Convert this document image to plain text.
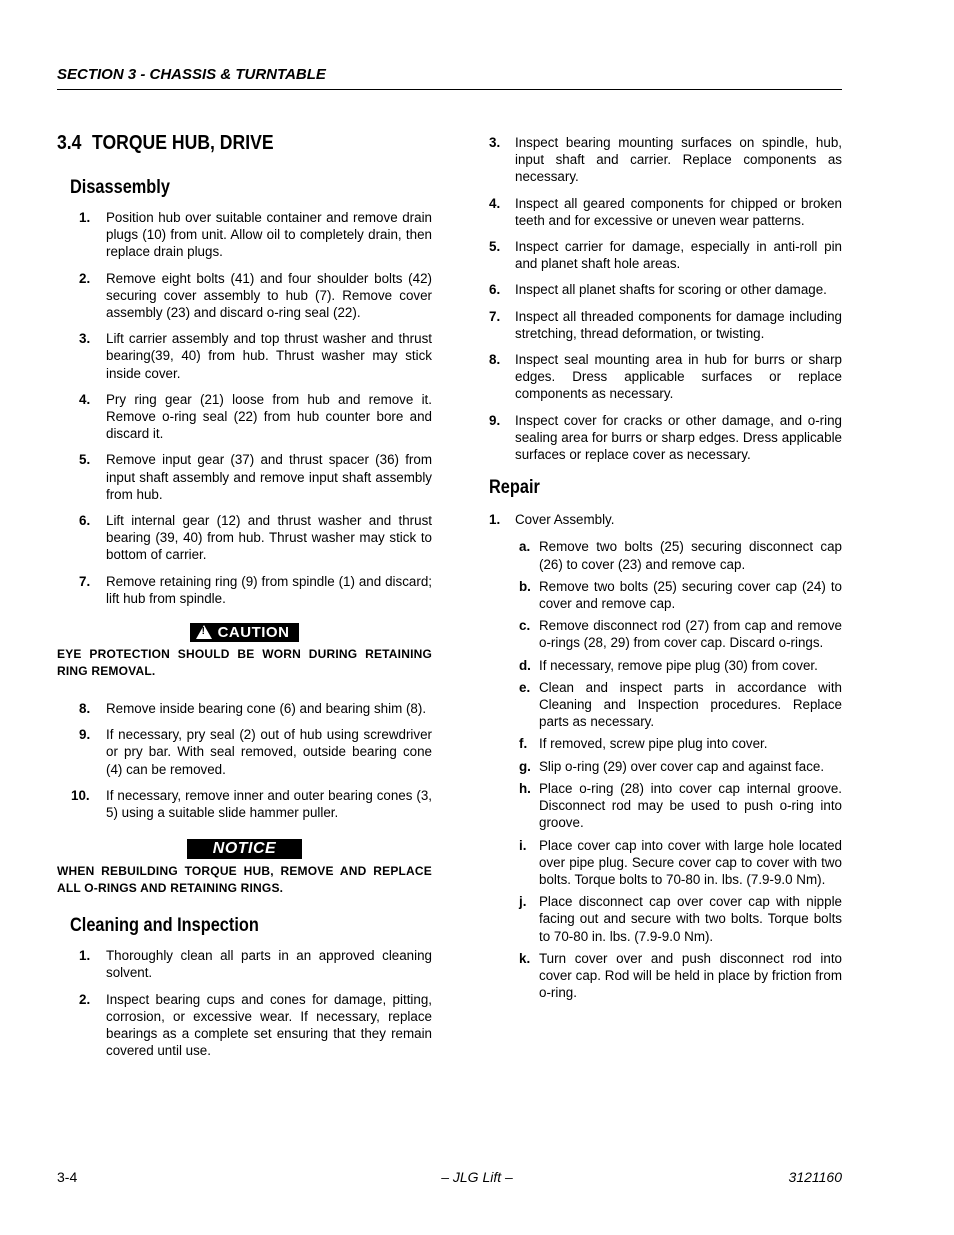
SECTION 3 - CHASSIS & TURNTABLE
3.4 TORQUE HUB, DRIVE
Disassembly
1. Position hub over suitable container and remove drain plugs (10) from unit. Allow oil to completely drain, then replace drain plugs.
2. Remove eight bolts (41) and four shoulder bolts (42) securing cover assembly to hub (7). Remove cover assembly (23) and discard o-ring seal (22).
3. Lift carrier assembly and top thrust washer and thrust bearing(39, 40) from hub. Thrust washer may stick inside cover.
4. Pry ring gear (21) loose from hub and remove it. Remove o-ring seal (22) from hub counter bore and discard it.
5. Remove input gear (37) and thrust spacer (36) from input shaft assembly and remove input shaft assembly from hub.
6. Lift internal gear (12) and thrust washer and thrust bearing (39, 40) from hub. Thrust washer may stick to bottom of carrier.
7. Remove retaining ring (9) from spindle (1) and discard; lift hub from spindle.
!CAUTION

EYE PROTECTION SHOULD BE WORN DURING RETAINING RING REMOVAL.

8. Remove inside bearing cone (6) and bearing shim (8).
9. If necessary, pry seal (2) out of hub using screwdriver or pry bar. With seal removed, outside bearing cone (4) can be removed.
10. If necessary, remove inner and outer bearing cones (3, 5) using a suitable slide hammer puller.
NOTICE

WHEN REBUILDING TORQUE HUB, REMOVE AND REPLACE ALL O-RINGS AND RETAINING RINGS.

Cleaning and Inspection
1. Thoroughly clean all parts in an approved cleaning solvent.
2. Inspect bearing cups and cones for damage, pitting, corrosion, or excessive wear. If necessary, replace bearings as a complete set ensuring that they remain covered until use.
3. Inspect bearing mounting surfaces on spindle, hub, input shaft and carrier. Replace components as necessary.
4. Inspect all geared components for chipped or broken teeth and for excessive or uneven wear patterns.
5. Inspect carrier for damage, especially in anti-roll pin and planet shaft hole areas.
6. Inspect all planet shafts for scoring or other damage.
7. Inspect all threaded components for damage including stretching, thread deformation, or twisting.
8. Inspect seal mounting area in hub for burrs or sharp edges. Dress applicable surfaces or replace components as necessary.
9. Inspect cover for cracks or other damage, and o-ring sealing area for burrs or sharp edges. Dress applicable surfaces or replace cover as necessary.
Repair
1. Cover Assembly.
a. Remove two bolts (25) securing disconnect cap (26) to cover (23) and remove cap.
b. Remove two bolts (25) securing cover cap (24) to cover and remove cap.
c. Remove disconnect rod (27) from cap and remove o-rings (28, 29) from cover cap. Discard o-rings.
d. If necessary, remove pipe plug (30) from cover.
e. Clean and inspect parts in accordance with Cleaning and Inspection procedures. Replace parts as necessary.
f. If removed, screw pipe plug into cover.
g. Slip o-ring (29) over cover cap and against face.
h. Place o-ring (28) into cover cap internal groove. Disconnect rod may be used to push o-ring into groove.
i. Place cover cap into cover with large hole located over pipe plug. Secure cover cap to cover with two bolts. Torque bolts to 70-80 in. lbs. (7.9-9.0 Nm).
j. Place disconnect cap over cover cap with nipple facing out and secure with two bolts. Torque bolts to 70-80 in. lbs. (7.9-9.0 Nm).
k. Turn cover over and push disconnect rod into cover cap. Rod will be held in place by friction from o-ring.
3-4	– JLG Lift –	3121160
